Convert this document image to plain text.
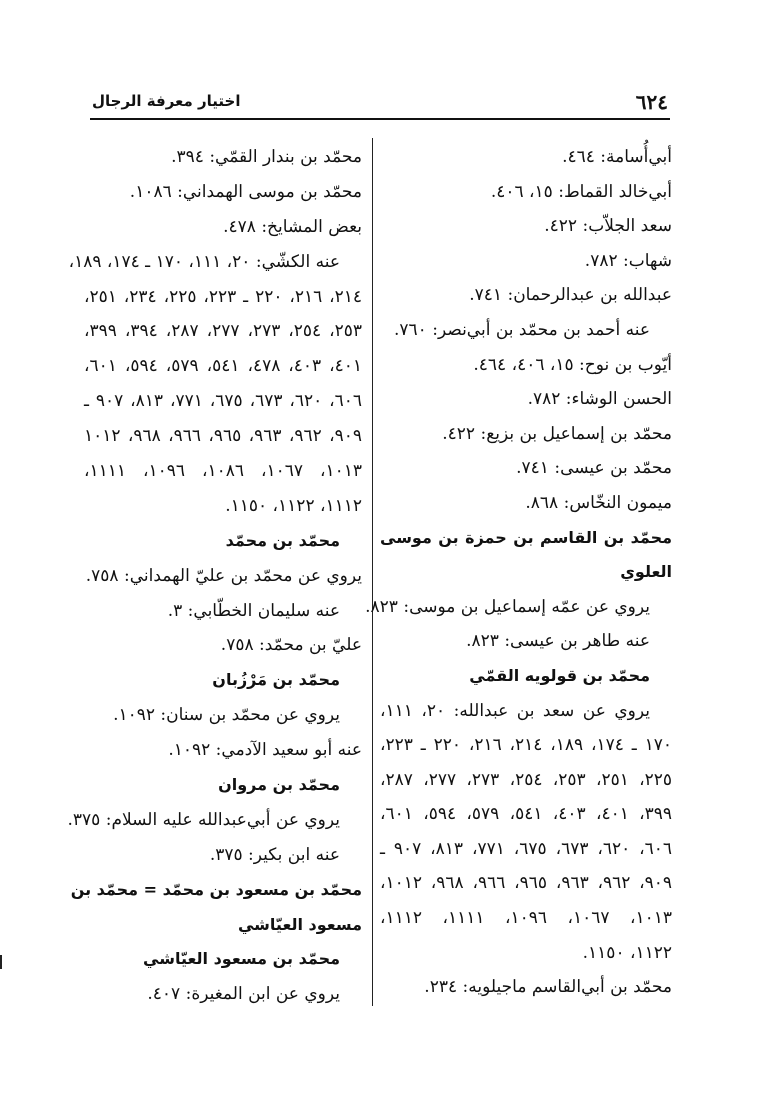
٦٢٤
اختيار معرفة الرجال
أبي‌أُسامة: ٤٦٤.
أبي‌خالد القماط: ١٥، ٤٠٦.
سعد الجلاّب: ٤٢٢.
شهاب: ٧٨٢.
عبدالله بن عبدالرحمان: ٧٤١.
عنه أحمد بن محمّد بن أبي‌نصر: ٧٦٠.
أيّوب بن نوح: ١٥، ٤٠٦، ٤٦٤.
الحسن الوشاء: ٧٨٢.
محمّد بن إسماعيل بن بزيع: ٤٢٢.
محمّد بن عيسى: ٧٤١.
ميمون النخّاس: ٨٦٨.
محمّد بن القاسم بن حمزة بن موسى
العلوي
يروي عن عمّه إسماعيل بن موسى: ٨٢٣.
عنه طاهر بن عيسى: ٨٢٣.
محمّد بن قولويه القمّي
يروي عن سعد بن عبدالله: ٢٠، ١١١،
١٧٠ ـ ١٧٤، ١٨٩، ٢١٤، ٢١٦، ٢٢٠ ـ ٢٢٣،
٢٢٥، ٢٥١، ٢٥٣، ٢٥٤، ٢٧٣، ٢٧٧، ٢٨٧،
٣٩٩، ٤٠١، ٤٠٣، ٥٤١، ٥٧٩، ٥٩٤، ٦٠١،
٦٠٦، ٦٢٠، ٦٧٣، ٦٧٥، ٧٧١، ٨١٣، ٩٠٧ ـ
٩٠٩، ٩٦٢، ٩٦٣، ٩٦٥، ٩٦٦، ٩٦٨، ١٠١٢،
١٠١٣، ١٠٦٧، ١٠٩٦، ١١١١، ١١١٢،
١١٢٢، ١١٥٠.
محمّد بن أبي‌القاسم ماجيلويه: ٢٣٤.
محمّد بن بندار القمّي: ٣٩٤.
محمّد بن موسى الهمداني: ١٠٨٦.
بعض المشايخ: ٤٧٨.
عنه الكشّي: ٢٠، ١١١، ١٧٠ ـ ١٧٤، ١٨٩،
٢١٤، ٢١٦، ٢٢٠ ـ ٢٢٣، ٢٢٥، ٢٣٤، ٢٥١،
٢٥٣، ٢٥٤، ٢٧٣، ٢٧٧، ٢٨٧، ٣٩٤، ٣٩٩،
٤٠١، ٤٠٣، ٤٧٨، ٥٤١، ٥٧٩، ٥٩٤، ٦٠١،
٦٠٦، ٦٢٠، ٦٧٣، ٦٧٥، ٧٧١، ٨١٣، ٩٠٧ ـ
٩٠٩، ٩٦٢، ٩٦٣، ٩٦٥، ٩٦٦، ٩٦٨، ١٠١٢
١٠١٣، ١٠٦٧، ١٠٨٦، ١٠٩٦، ١١١١،
١١١٢، ١١٢٢، ١١٥٠.
محمّد بن محمّد
يروي عن محمّد بن عليّ الهمداني: ٧٥٨.
عنه سليمان الخطّابي: ٣.
عليّ بن محمّد: ٧٥٨.
محمّد بن مَرْزُبان
يروي عن محمّد بن سنان: ١٠٩٢.
عنه أبو سعيد الآدمي: ١٠٩٢.
محمّد بن مروان
يروي عن أبي‌عبدالله عليه السلام: ٣٧٥.
عنه ابن بكير: ٣٧٥.
محمّد بن مسعود بن محمّد = محمّد بن
مسعود العيّاشي
محمّد بن مسعود العيّاشي
يروي عن ابن المغيرة: ٤٠٧.
